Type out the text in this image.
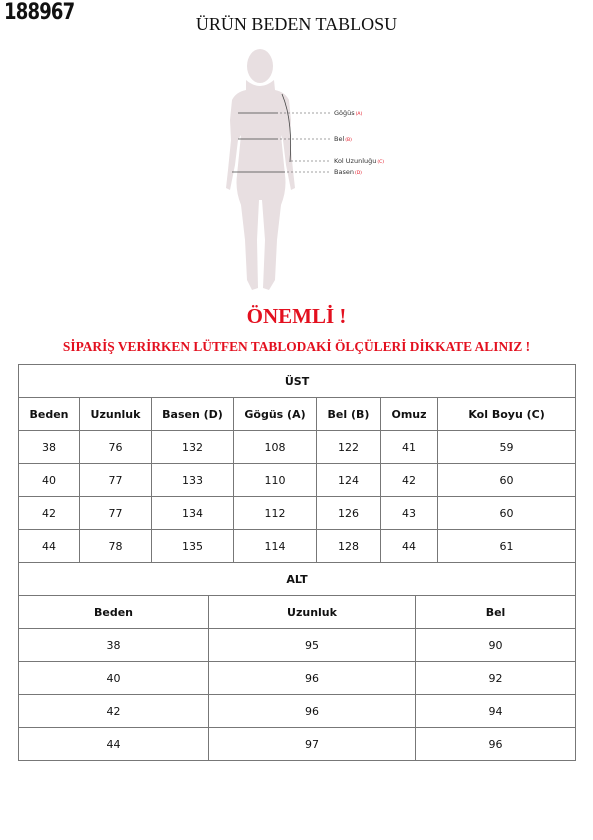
188967	ÜRÜN BEDEN TABLOSU
Göğüs(A)
Bel(B)
Kol Uzunluğu(C)
Basen(D)
ÖNEMLİ !
SİPARİŞ VERİRKEN LÜTFEN TABLODAKİ ÖLÇÜLERİ DİKKATE ALINIZ !
ÜST						
Beden	Uzunluk	Basen (D)	Gögüs (A)	Bel (B)	Omuz	Kol Boyu (C)
38	76	132	108	122	41	59
40	77	133	110	124	42	60
42	77	134	112	126	43	60
44	78	135	114	128	44	61
ALT		
Beden	Uzunluk	Bel
38	95	90
40	96	92
42	96	94
44	97	96
